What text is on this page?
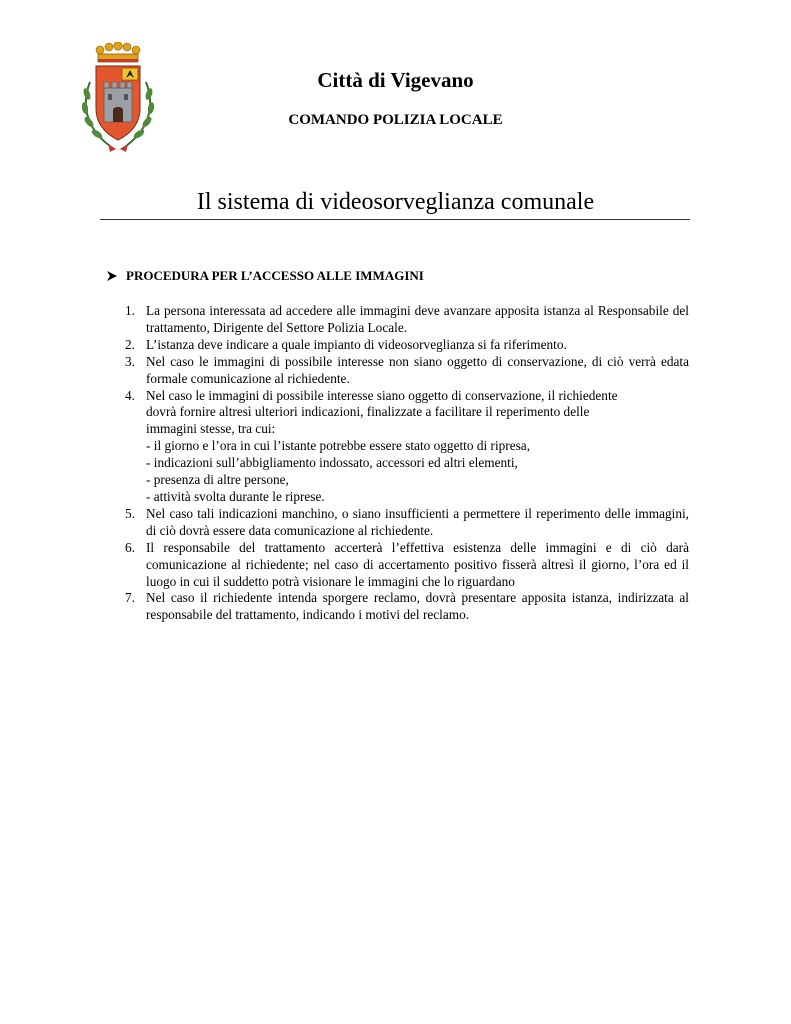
Città di Vigevano
COMANDO POLIZIA LOCALE
Il sistema di videosorveglianza comunale
PROCEDURA PER L’ACCESSO ALLE IMMAGINI
1. La persona interessata ad accedere alle immagini deve avanzare apposita istanza al Responsabile del trattamento, Dirigente del Settore Polizia Locale.
2. L’istanza deve indicare a quale impianto di videosorveglianza si fa riferimento.
3. Nel caso le immagini di possibile interesse non siano oggetto di conservazione, di ciò verrà edata formale comunicazione al richiedente.
4. Nel caso le immagini di possibile interesse siano oggetto di conservazione, il richiedente
dovrà fornire altresì ulteriori indicazioni, finalizzate a facilitare il reperimento delle
immagini stesse, tra cui:
- il giorno e l’ora in cui l’istante potrebbe essere stato oggetto di ripresa,
- indicazioni sull’abbigliamento indossato, accessori ed altri elementi,
- presenza di altre persone,
- attività svolta durante le riprese.
5. Nel caso tali indicazioni manchino, o siano insufficienti a permettere il reperimento delle immagini, di ciò dovrà essere data comunicazione al richiedente.
6. Il responsabile del trattamento accerterà l’effettiva esistenza delle immagini e di ciò darà comunicazione al richiedente; nel caso di accertamento positivo fisserà altresì il giorno, l’ora ed il luogo in cui il suddetto potrà visionare le immagini che lo riguardano
7. Nel caso il richiedente intenda sporgere reclamo, dovrà presentare apposita istanza, indirizzata al responsabile del trattamento, indicando i motivi del reclamo.
